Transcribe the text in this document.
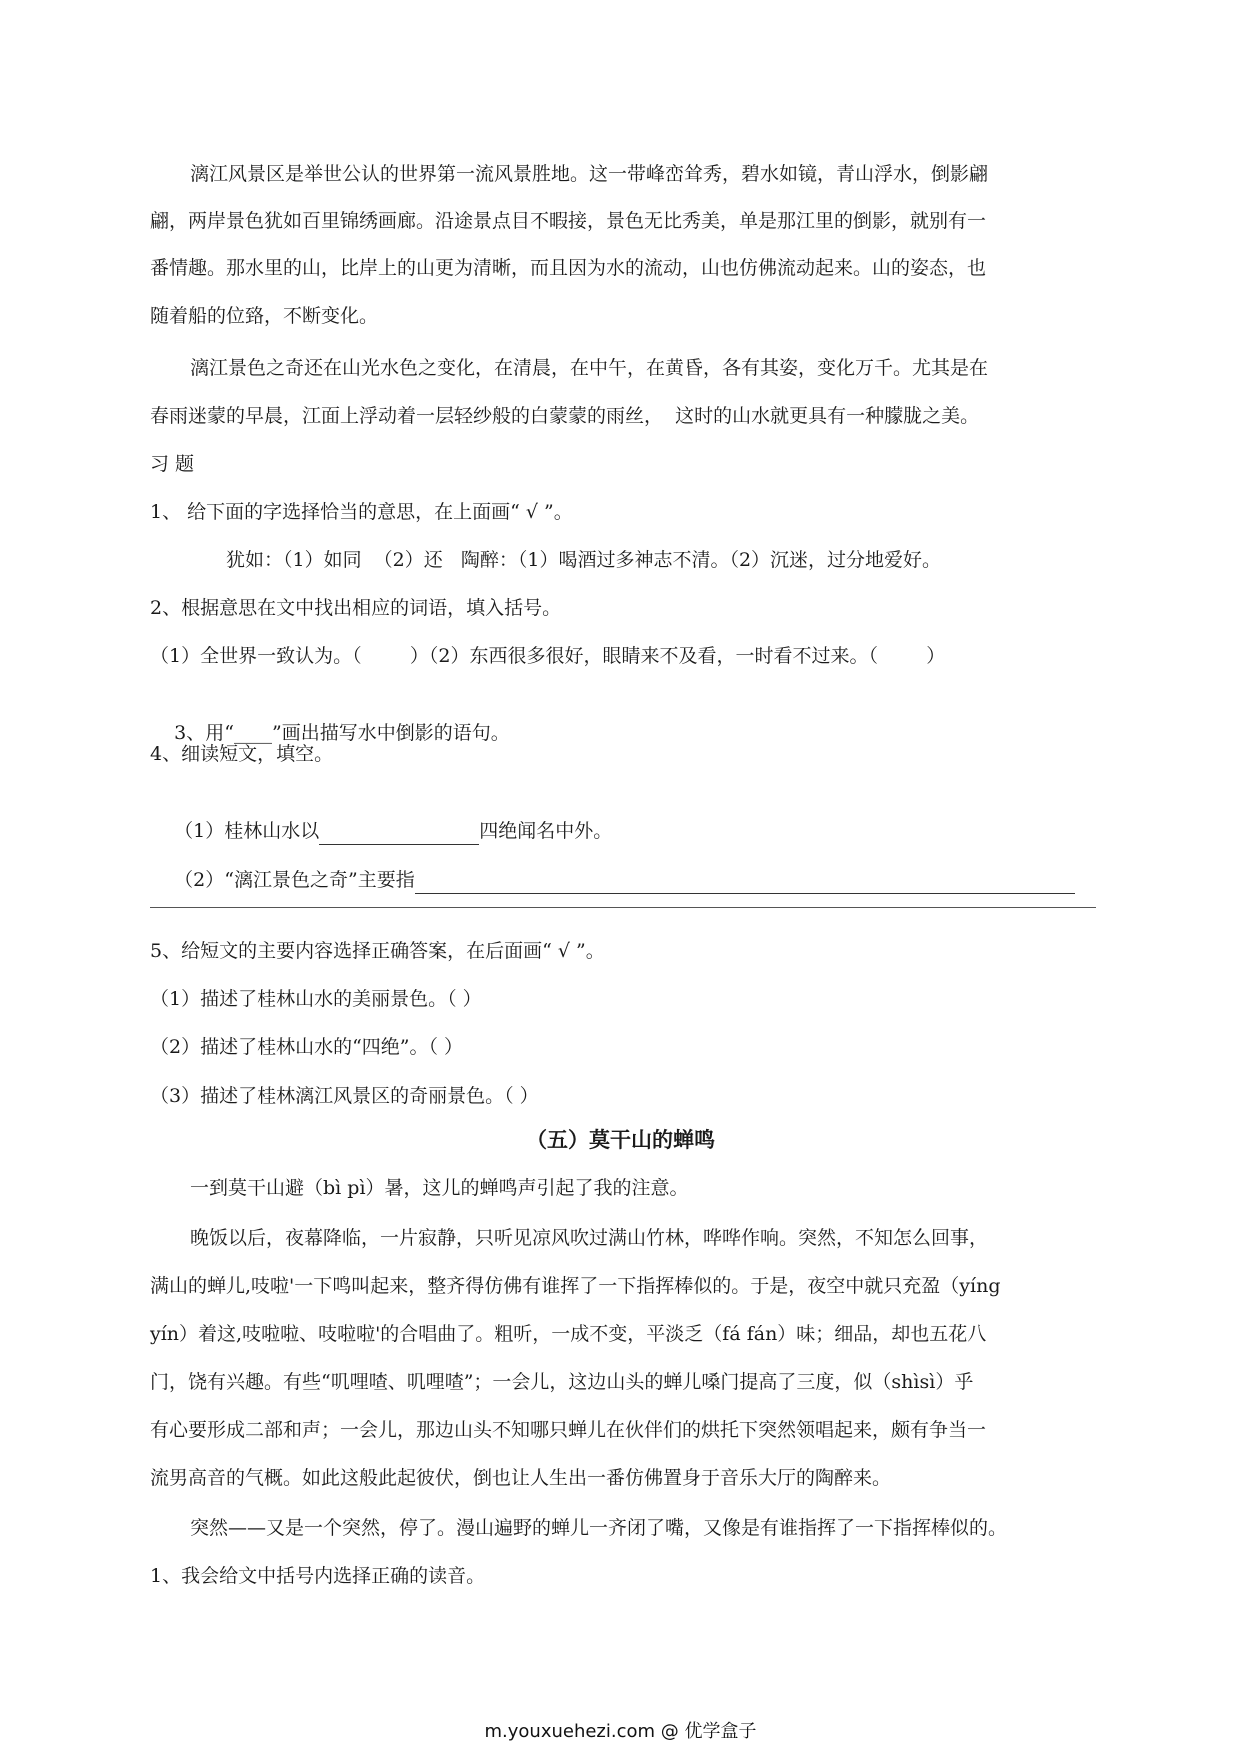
漓江风景区是举世公认的世界第一流风景胜地。这一带峰峦耸秀，碧水如镜，青山浮水，倒影翩
翩，两岸景色犹如百里锦绣画廊。沿途景点目不暇接，景色无比秀美，单是那江里的倒影，就别有一
番情趣。那水里的山，比岸上的山更为清晰，而且因为水的流动，山也仿佛流动起来。山的姿态，也
随着船的位臵，不断变化。
漓江景色之奇还在山光水色之变化，在清晨，在中午，在黄昏，各有其姿，变化万千。尤其是在
春雨迷蒙的早晨，江面上浮动着一层轻纱般的白蒙蒙的雨丝，  这时的山水就更具有一种朦胧之美。
习 题
1、 给下面的字选择恰当的意思，在上面画“ √ ”。
犹如：（1）如同  （2）还   陶醉：（1）喝酒过多神志不清。（2）沉迷，过分地爱好。
2、根据意思在文中找出相应的词语，填入括号。
（1）全世界一致认为。（        ）（2）东西很多很好，眼睛来不及看，一时看不过来。（        ）

3、用“____”画出描写水中倒影的语句。

4、细读短文，填空。

（1）桂林山水以	四绝闻名中外。

（2）“漓江景色之奇”主要指

5、给短文的主要内容选择正确答案，在后面画“ √ ”。
（1）描述了桂林山水的美丽景色。（ ）
（2）描述了桂林山水的“四绝”。（ ）
（3）描述了桂林漓江风景区的奇丽景色。（ ）
（五）莫干山的蝉鸣
一到莫干山避（bì pì）暑，这儿的蝉鸣声引起了我的注意。
晚饭以后，夜幕降临，一片寂静，只听见凉风吹过满山竹林，哗哗作响。突然，不知怎么回事，
满山的蝉儿,吱啦'一下鸣叫起来，整齐得仿佛有谁挥了一下指挥棒似的。于是，夜空中就只充盈（yíng
yín）着这,吱啦啦、吱啦啦'的合唱曲了。粗听，一成不变，平淡乏（fá fán）味；细品，却也五花八
门，饶有兴趣。有些“叽哩喳、叽哩喳”；一会儿，这边山头的蝉儿嗓门提高了三度，似（shìsì）乎
有心要形成二部和声；一会儿，那边山头不知哪只蝉儿在伙伴们的烘托下突然领唱起来，颇有争当一
流男高音的气概。如此这般此起彼伏，倒也让人生出一番仿佛置身于音乐大厅的陶醉来。
突然——又是一个突然，停了。漫山遍野的蝉儿一齐闭了嘴，又像是有谁指挥了一下指挥棒似的。
1、我会给文中括号内选择正确的读音。
m.youxuehezi.com @ 优学盒子
